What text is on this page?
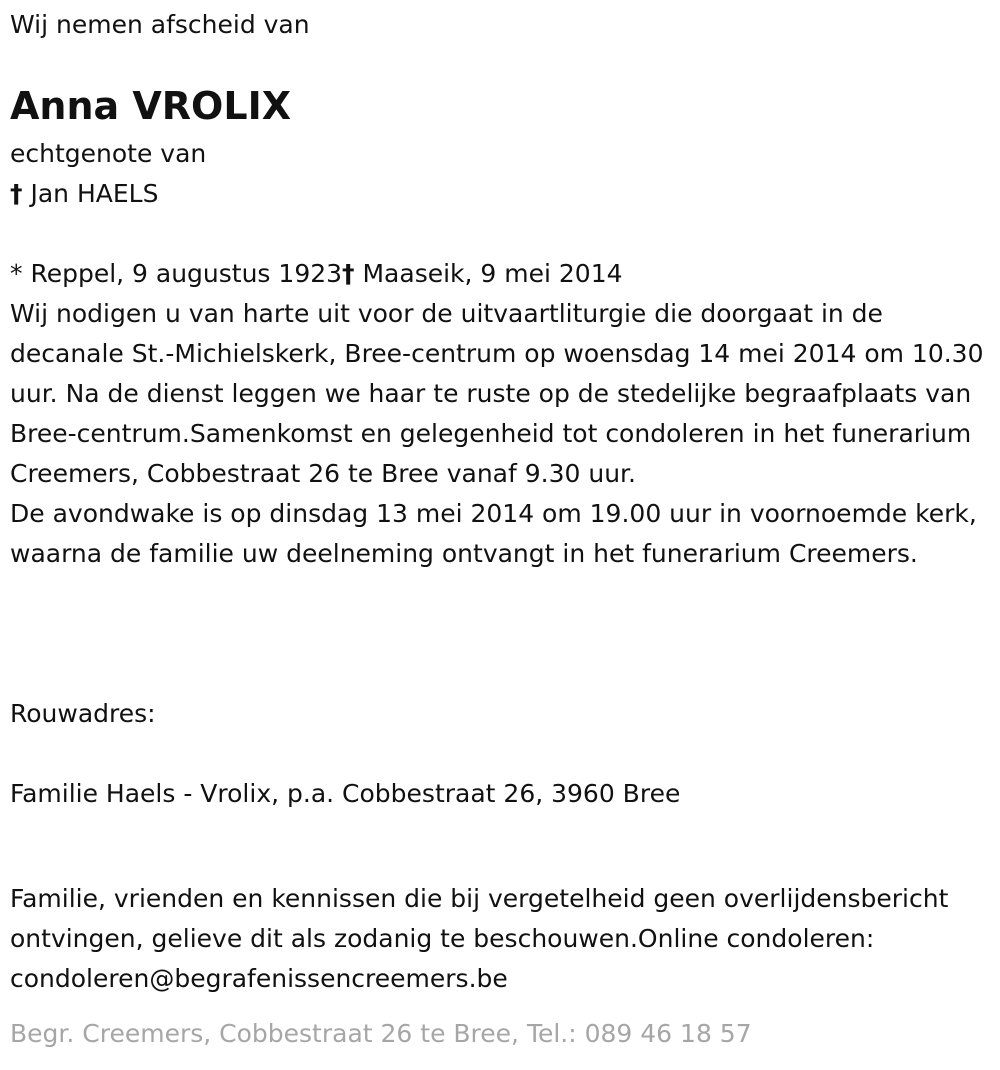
Wij nemen afscheid van

Anna VROLIX

echtgenote van

† Jan HAELS

* Reppel, 9 augustus 1923† Maaseik, 9 mei 2014

Wij nodigen u van harte uit voor de uitvaartliturgie die doorgaat in de decanale St.-Michielskerk, Bree-centrum op woensdag 14 mei 2014 om 10.30 uur. Na de dienst leggen we haar te ruste op de stedelijke begraafplaats van Bree-centrum.Samenkomst en gelegenheid tot condoleren in het funerarium Creemers, Cobbestraat 26 te Bree vanaf 9.30 uur.

De avondwake is op dinsdag 13 mei 2014 om 19.00 uur in voornoemde kerk, waarna de familie uw deelneming ontvangt in het funerarium Creemers.

Rouwadres:

Familie Haels - Vrolix, p.a. Cobbestraat 26, 3960 Bree

Familie, vrienden en kennissen die bij vergetelheid geen overlijdensbericht ontvingen, gelieve dit als zodanig te beschouwen.Online condoleren: condoleren@begrafenissencreemers.be

Begr. Creemers, Cobbestraat 26 te Bree, Tel.: 089 46 18 57
